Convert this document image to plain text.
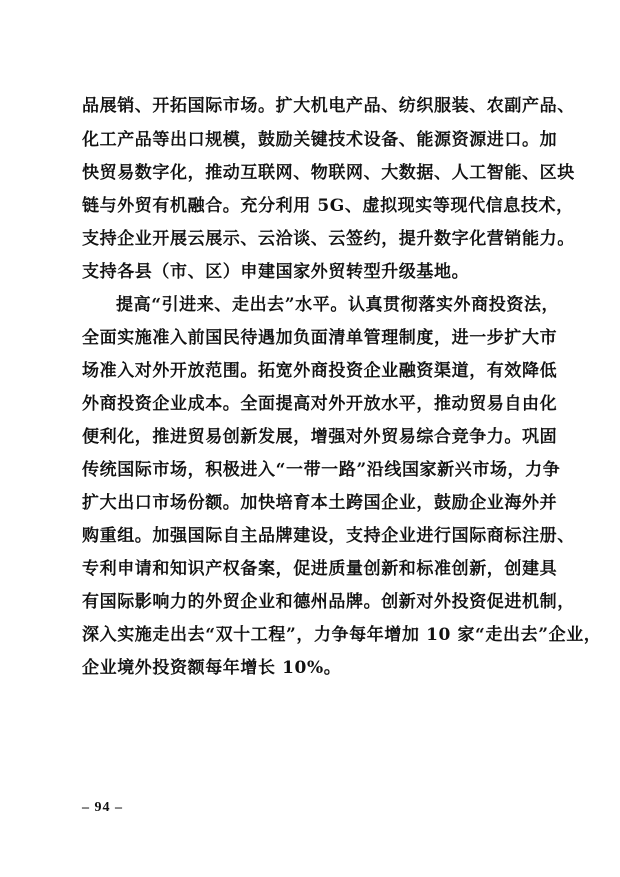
品展销、开拓国际市场。扩大机电产品、纺织服装、农副产品、
化工产品等出口规模，鼓励关键技术设备、能源资源进口。加
快贸易数字化，推动互联网、物联网、大数据、人工智能、区块
链与外贸有机融合。充分利用 5G、虚拟现实等现代信息技术，
支持企业开展云展示、云洽谈、云签约，提升数字化营销能力。
支持各县（市、区）申建国家外贸转型升级基地。
提高“引进来、走出去”水平。认真贯彻落实外商投资法，
全面实施准入前国民待遇加负面清单管理制度，进一步扩大市
场准入对外开放范围。拓宽外商投资企业融资渠道，有效降低
外商投资企业成本。全面提高对外开放水平，推动贸易自由化
便利化，推进贸易创新发展，增强对外贸易综合竞争力。巩固
传统国际市场，积极进入“一带一路”沿线国家新兴市场，力争
扩大出口市场份额。加快培育本土跨国企业，鼓励企业海外并
购重组。加强国际自主品牌建设，支持企业进行国际商标注册、
专利申请和知识产权备案，促进质量创新和标准创新，创建具
有国际影响力的外贸企业和德州品牌。创新对外投资促进机制，
深入实施走出去“双十工程”，力争每年增加 10 家“走出去”企业，
企业境外投资额每年增长 10%。
– 94 –
